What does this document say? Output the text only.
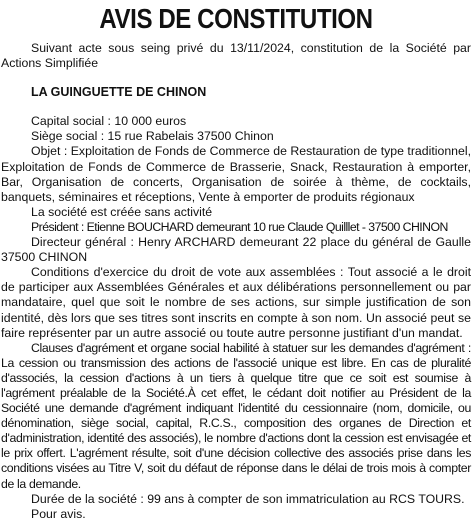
AVIS DE CONSTITUTION

Suivant acte sous seing privé du 13/11/2024, constitution de la Société par Actions Simplifiée

LA GUINGUETTE DE CHINON

Capital social : 10 000 euros

Siège social : 15 rue Rabelais 37500 Chinon

Objet : Exploitation de Fonds de Commerce de Restauration de type traditionnel, Exploitation de Fonds de Commerce de Brasserie, Snack, Restauration à emporter, Bar, Organisation de concerts, Organisation de soirée à thème, de cocktails, banquets, séminaires et réceptions, Vente à emporter de produits régionaux

La société est créée sans activité

Président : Etienne BOUCHARD demeurant 10 rue Claude Quilllet - 37500 CHINON

Directeur général : Henry ARCHARD demeurant 22 place du général de Gaulle 37500 CHINON

Conditions d'exercice du droit de vote aux assemblées : Tout associé a le droit de participer aux Assemblées Générales et aux délibérations personnellement ou par mandataire, quel que soit le nombre de ses actions, sur simple justification de son identité, dès lors que ses titres sont inscrits en compte à son nom. Un associé peut se faire représenter par un autre associé ou toute autre personne justifiant d'un mandat.

Clauses d'agrément et organe social habilité à statuer sur les demandes d'agrément : La cession ou transmission des actions de l'associé unique est libre. En cas de pluralité d'associés, la cession d'actions à un tiers à quelque titre que ce soit est soumise à l'agrément préalable de la Société.À cet effet, le cédant doit notifier au Président de la Société une demande d'agrément indiquant l'identité du cessionnaire (nom, domicile, ou dénomination, siège social, capital, R.C.S., composition des organes de Direction et d'administration, identité des associés), le nombre d'actions dont la cession est envisagée et le prix offert. L'agrément résulte, soit d'une décision collective des associés prise dans les conditions visées au Titre V, soit du défaut de réponse dans le délai de trois mois à compter de la demande.

Durée de la société : 99 ans à compter de son immatriculation au RCS TOURS.

Pour avis.
